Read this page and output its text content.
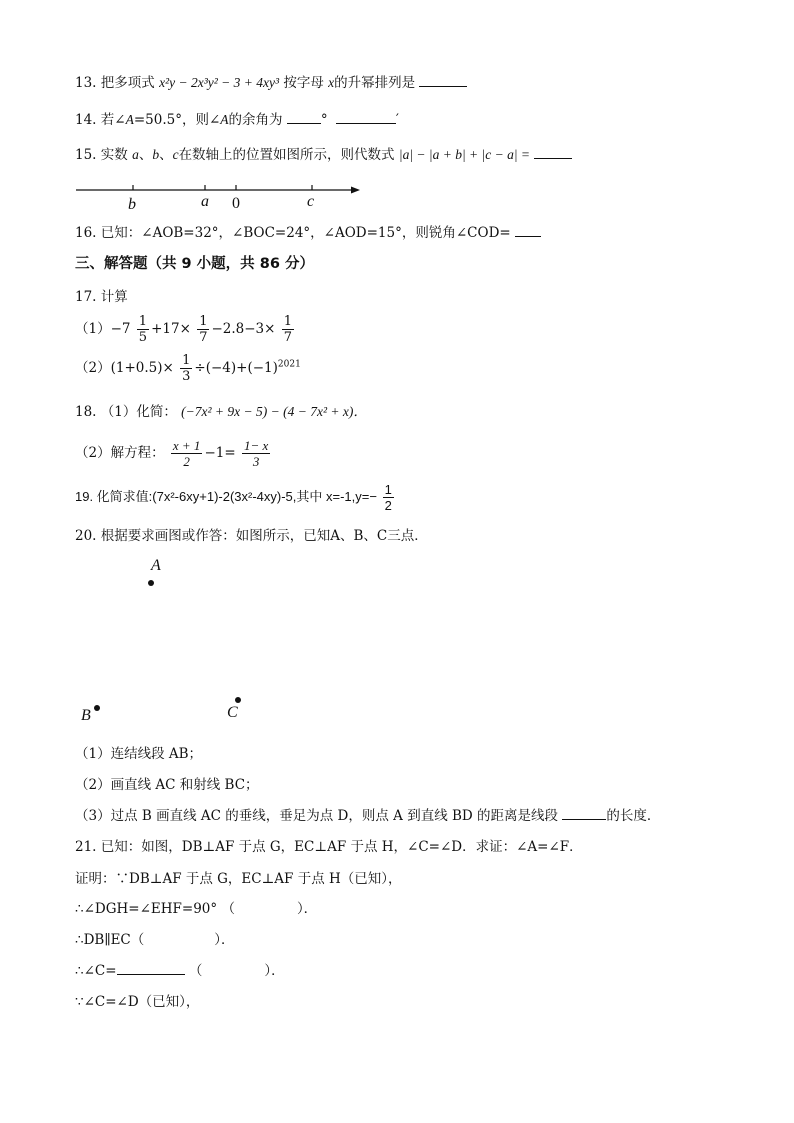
13. 把多项式 x²y − 2x³y² − 3 + 4xy³ 按字母 x的升幂排列是
14. 若∠A=50.5°，则∠A的余角为	°	′
15. 实数 a、b、c在数轴上的位置如图所示，则代数式 |a| − |a + b| + |c − a| =
b	a 0	c
16. 已知：∠AOB=32°，∠BOC=24°，∠AOD=15°，则锐角∠COD=
三、解答题（共 9 小题，共 86 分）
17. 计算
$(1)-7 \frac{1}{5} +17\times \frac{1}{7} -2.8-3\times \frac{1}{7}$
$(2)(1+0.5)\times \frac{1}{3} \div(-4)+(-1)^{2021}$
18. （1）化简： (−7x² + 9x − 5) − (4 − 7x² + x)．
（2）解方程： $\frac{x + 1}{2} -1= \frac{1- x}{3}$
19. 化简求值:(7x²-6xy+1)-2(3x²-4xy)-5,其中 $x=-1,y=- \frac{1}{2}$
20. 根据要求画图或作答：如图所示，已知A、B、C三点．
A
B	C
（1）连结线段 AB；
（2）画直线 AC 和射线 BC；
（3）过点 B 画直线 AC 的垂线，垂足为点 D，则点 A 到直线 BD 的距离是线段	的长度．
21. 已知：如图，DB⊥AF 于点 G，EC⊥AF 于点 H，∠C=∠D．求证：∠A=∠F．
证明：∵DB⊥AF 于点 G，EC⊥AF 于点 H（已知），
∴∠DGH=∠EHF=90° （	）．
∴DB∥EC（	）．
∴∠C=	（	）．
∵∠C=∠D（已知），
